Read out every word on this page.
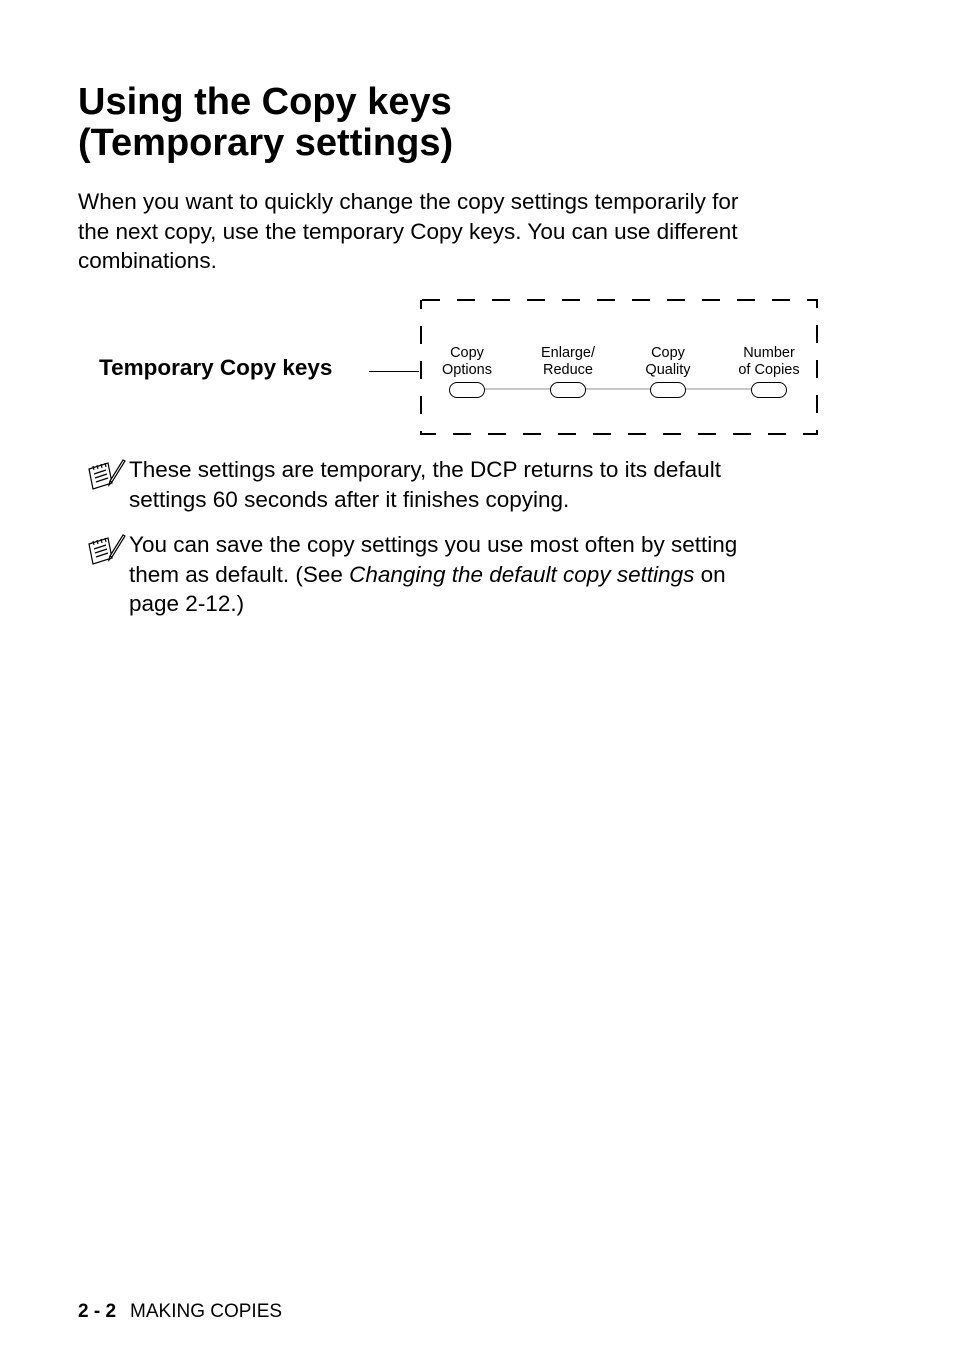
Using the Copy keys
(Temporary settings)

When you want to quickly change the copy settings temporarily for
the next copy, use the temporary Copy keys. You can use different
combinations.

Temporary Copy keys
Copy
Options
Enlarge/
Reduce
Copy
Quality
Number
of Copies

These settings are temporary, the DCP returns to its default
settings 60 seconds after it finishes copying.

You can save the copy settings you use most often by setting
them as default. (See Changing the default copy settings on
page 2-12.)

2 - 2 MAKING COPIES
